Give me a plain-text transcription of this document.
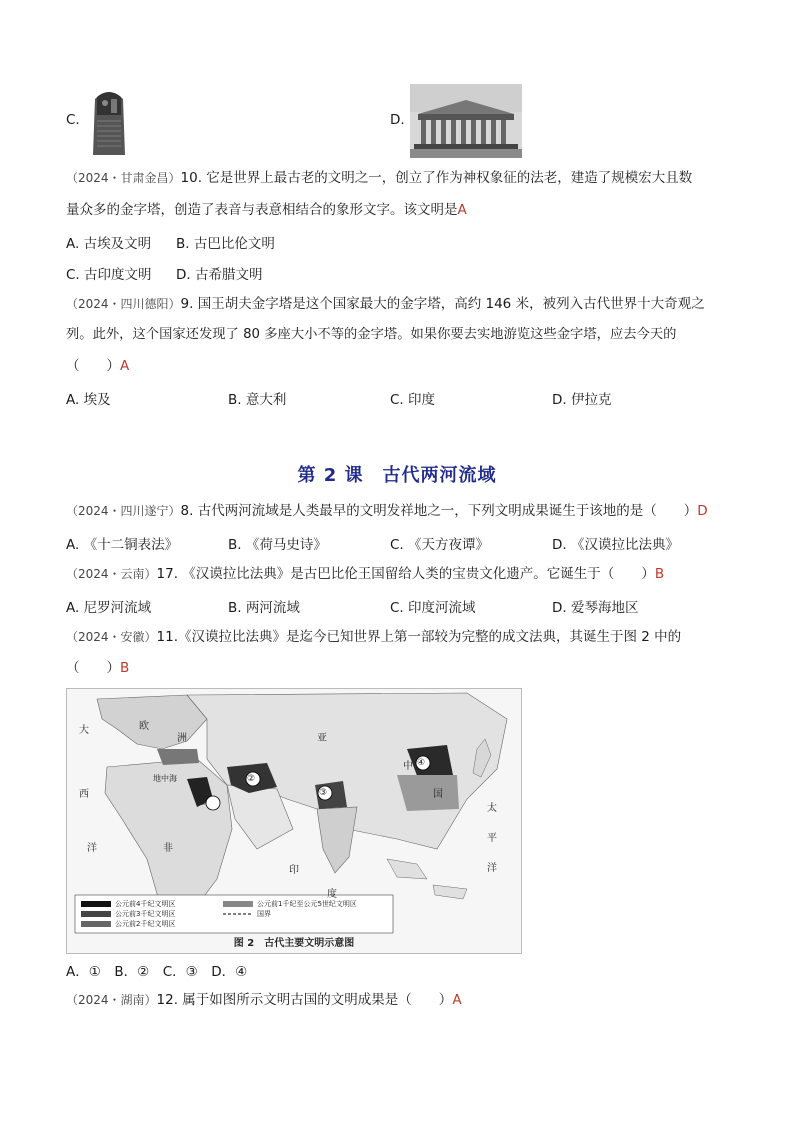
C.	D.
（2024・甘肃金昌）10. 它是世界上最古老的文明之一，创立了作为神权象征的法老，建造了规模宏大且数
量众多的金字塔，创造了表音与表意相结合的象形文字。该文明是A
A. 古埃及文明 B. 古巴比伦文明
C. 古印度文明 D. 古希腊文明
（2024・四川德阳）9. 国王胡夫金字塔是这个国家最大的金字塔，高约 146 米，被列入古代世界十大奇观之
列。此外，这个国家还发现了 80 多座大小不等的金字塔。如果你要去实地游览这些金字塔，应去今天的
（　　）A
A. 埃及	B. 意大利	C. 印度	D. 伊拉克
第 2 课　古代两河流域
（2024・四川遂宁）8. 古代两河流域是人类最早的文明发祥地之一，下列文明成果诞生于该地的是（　　）D
A. 《十二铜表法》	B. 《荷马史诗》	C. 《天方夜谭》	D. 《汉谟拉比法典》
（2024・云南）17. 《汉谟拉比法典》是古巴比伦王国留给人类的宝贵文化遗产。它诞生于（　　）B
A. 尼罗河流域	B. 两河流域	C. 印度河流域	D. 爱琴海地区
（2024・安徽）11.《汉谟拉比法典》是迄今已知世界上第一部较为完整的成文法典，其诞生于图 2 中的
（　　）B
①
②
③
④
大
西
洋
欧
洲	亚
非
印
度
太
平
洋
中
国
地中海
公元前4千纪文明区
公元前3千纪文明区
公元前2千纪文明区
公元前1千纪至公元5世纪文明区
国界
图 2　古代主要文明示意图
A．①　B．②　C．③　D．④
（2024・湖南）12. 属于如图所示文明古国的文明成果是（　　）A
